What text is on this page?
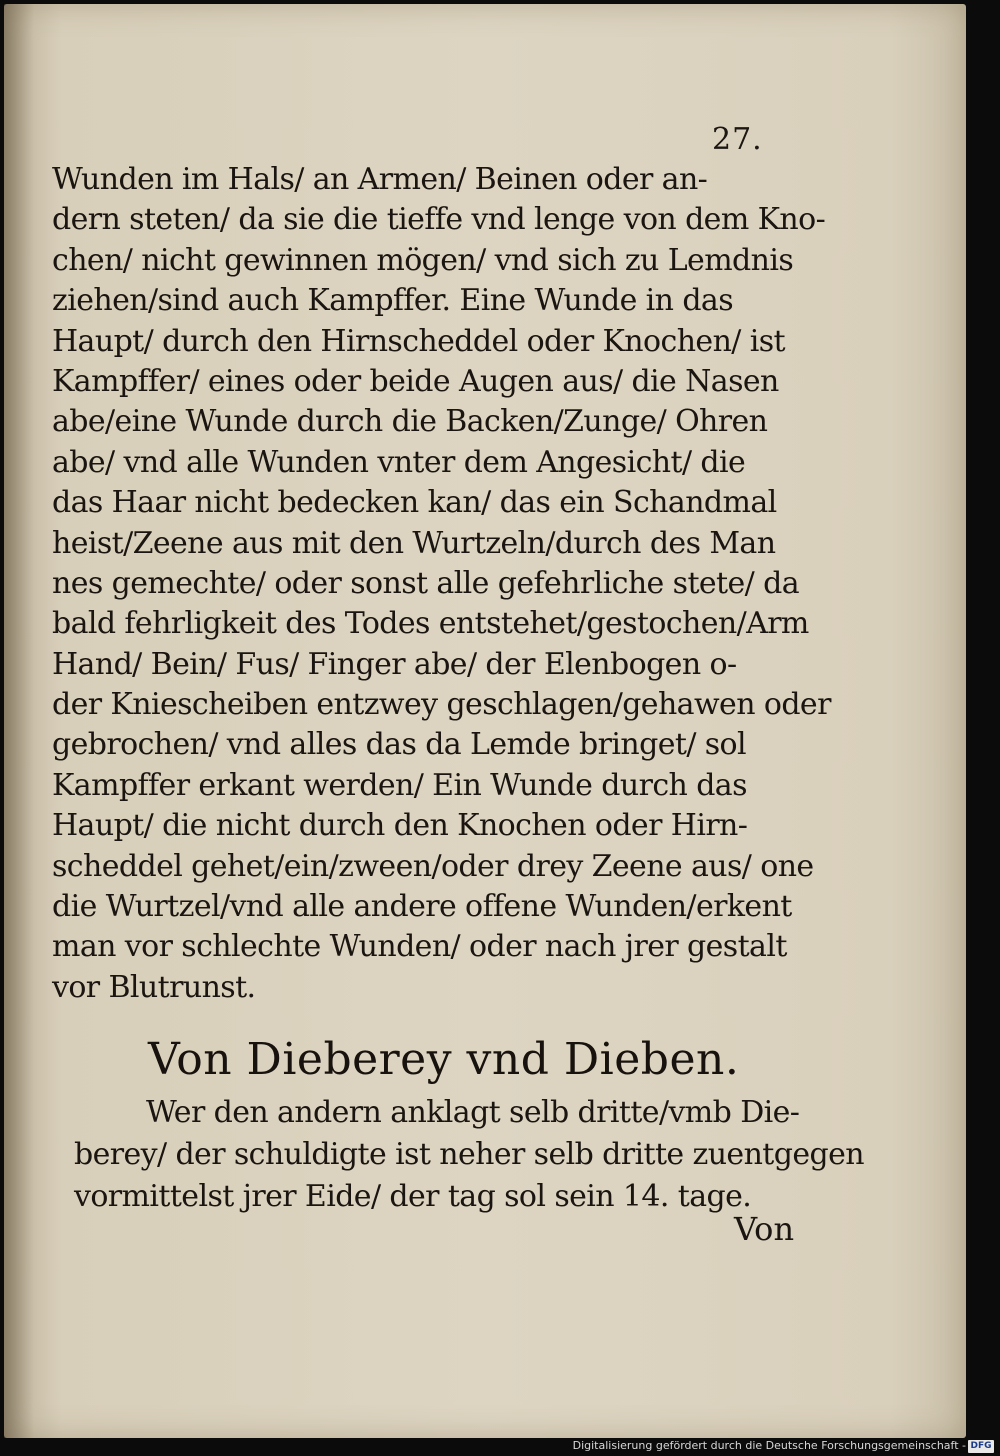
27.
Wunden im Hals/ an Armen/ Beinen oder an-
dern steten/ da sie die tieffe vnd lenge von dem Kno-
chen/ nicht gewinnen mögen/ vnd sich zu Lemdnis
ziehen/sind auch Kampffer. Eine Wunde in das
Haupt/ durch den Hirnscheddel oder Knochen/ ist
Kampffer/ eines oder beide Augen aus/ die Nasen
abe/eine Wunde durch die Backen/Zunge/ Ohren
abe/ vnd alle Wunden vnter dem Angesicht/ die
das Haar nicht bedecken kan/ das ein Schandmal
heist/Zeene aus mit den Wurtzeln/durch des Man
nes gemechte/ oder sonst alle gefehrliche stete/ da
bald fehrligkeit des Todes entstehet/gestochen/Arm
Hand/ Bein/ Fus/ Finger abe/ der Elenbogen o-
der Kniescheiben entzwey geschlagen/gehawen oder
gebrochen/ vnd alles das da Lemde bringet/ sol
Kampffer erkant werden/ Ein Wunde durch das
Haupt/ die nicht durch den Knochen oder Hirn-
scheddel gehet/ein/zween/oder drey Zeene aus/ one
die Wurtzel/vnd alle andere offene Wunden/erkent
man vor schlechte Wunden/ oder nach jrer gestalt
vor Blutrunst.
Von Dieberey vnd Dieben.
Wer den andern anklagt selb dritte/vmb Die-
berey/ der schuldigte ist neher selb dritte zuentgegen
vormittelst jrer Eide/ der tag sol sein 14. tage.
Von
Digitalisierung gefördert durch die Deutsche Forschungsgemeinschaft - DFG
